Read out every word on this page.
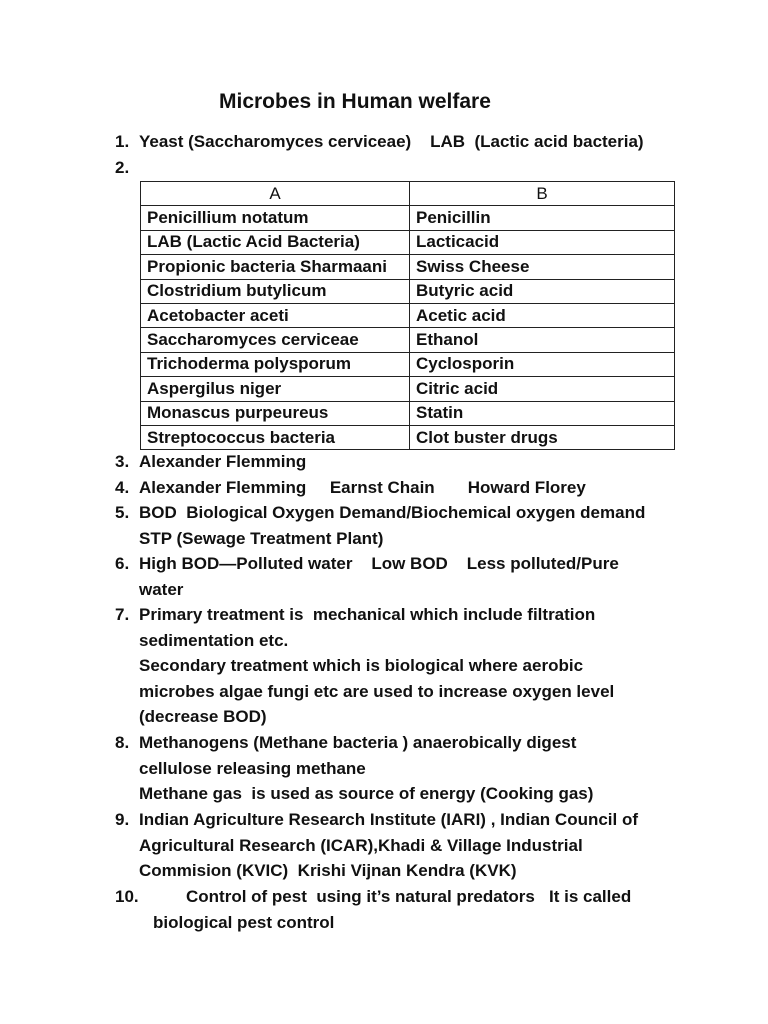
Microbes in Human welfare
1. Yeast (Saccharomyces cerviceae)    LAB  (Lactic acid bacteria)
2.
A	B
Penicillium notatum	Penicillin
LAB (Lactic Acid Bacteria)	Lacticacid
Propionic bacteria Sharmaani	Swiss Cheese
Clostridium butylicum	Butyric acid
Acetobacter aceti	Acetic acid
Saccharomyces cerviceae	Ethanol
Trichoderma polysporum	Cyclosporin
Aspergilus niger	Citric acid
Monascus purpeureus	Statin
Streptococcus bacteria	Clot buster drugs
3. Alexander Flemming
4. Alexander Flemming     Earnst Chain       Howard Florey
5. BOD  Biological Oxygen Demand/Biochemical oxygen demand
STP (Sewage Treatment Plant)
6. High BOD—Polluted water    Low BOD    Less polluted/Pure
water
7. Primary treatment is  mechanical which include filtration
sedimentation etc.
Secondary treatment which is biological where aerobic
microbes algae fungi etc are used to increase oxygen level
(decrease BOD)
8. Methanogens (Methane bacteria ) anaerobically digest
cellulose releasing methane
Methane gas  is used as source of energy (Cooking gas)
9. Indian Agriculture Research Institute (IARI) , Indian Council of
Agricultural Research (ICAR),Khadi & Village Industrial
Commision (KVIC)  Krishi Vijnan Kendra (KVK)
10.	Control of pest  using it’s natural predators   It is called
biological pest control
